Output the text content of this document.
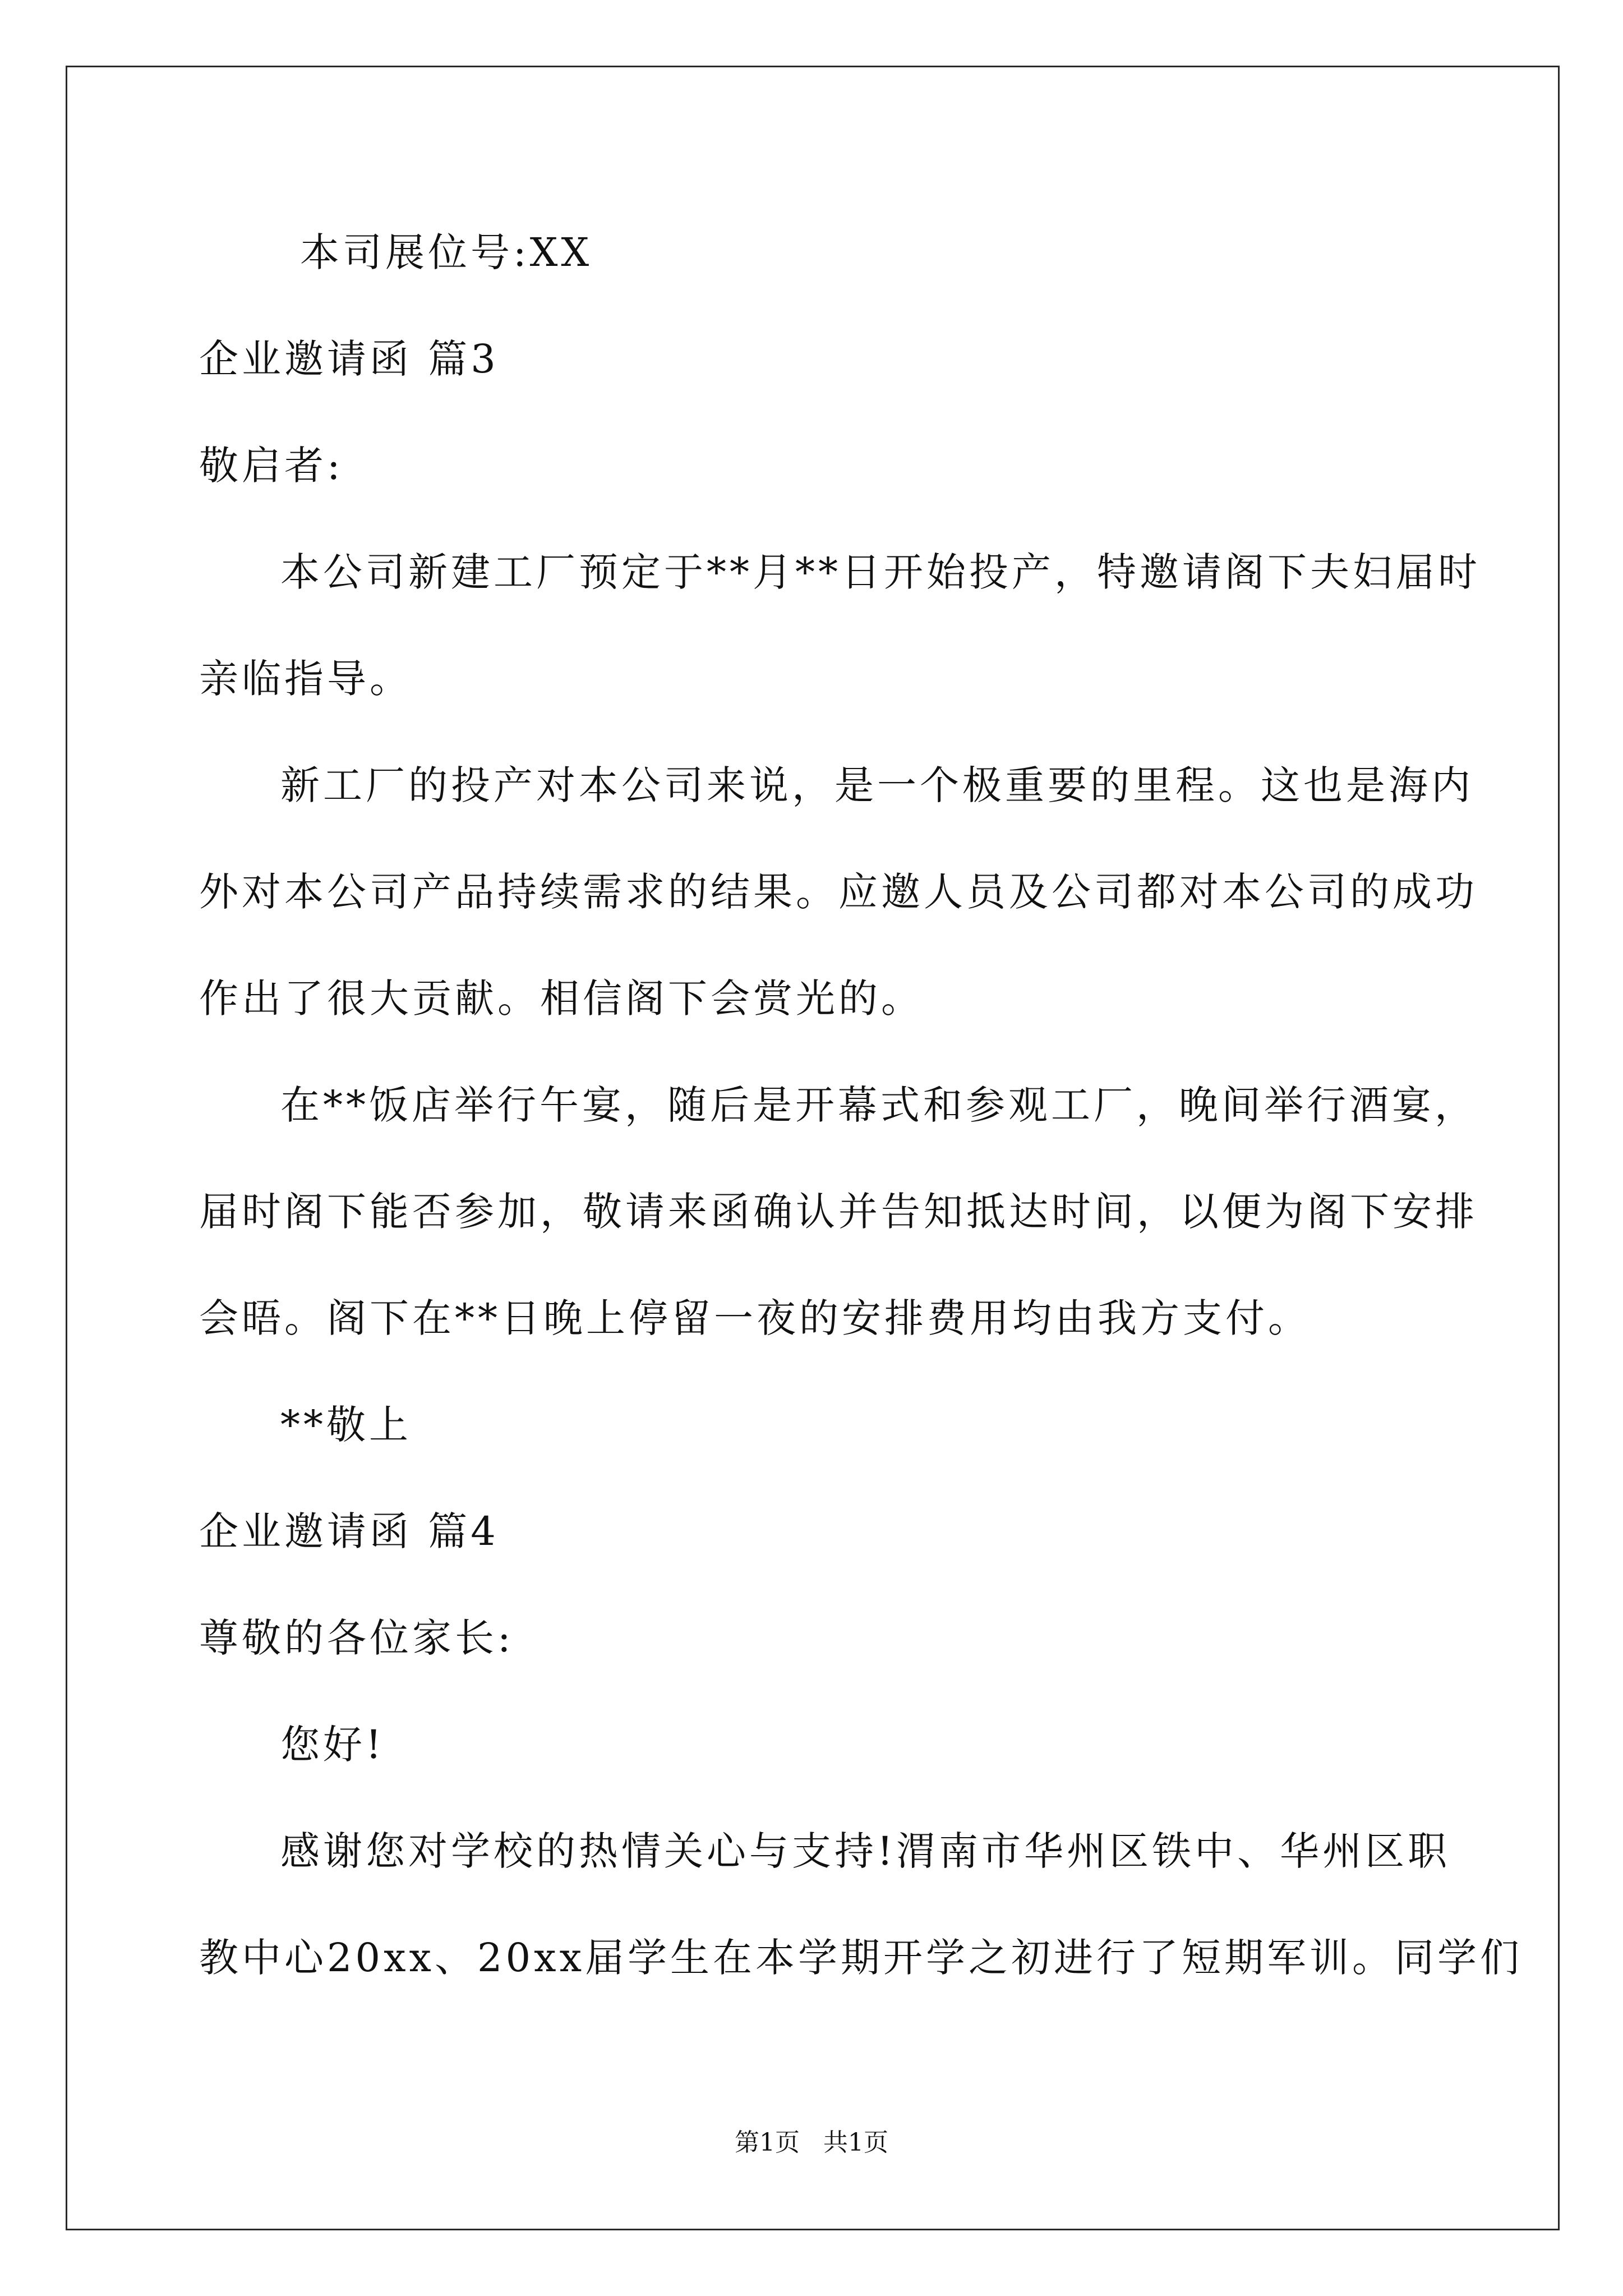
本司展位号:XX
企业邀请函 篇3
敬启者:
本公司新建工厂预定于**月**日开始投产，特邀请阁下夫妇届时
亲临指导。
新工厂的投产对本公司来说，是一个极重要的里程。这也是海内
外对本公司产品持续需求的结果。应邀人员及公司都对本公司的成功
作出了很大贡献。相信阁下会赏光的。
在**饭店举行午宴，随后是开幕式和参观工厂，晚间举行酒宴，
届时阁下能否参加，敬请来函确认并告知抵达时间，以便为阁下安排
会晤。阁下在**日晚上停留一夜的安排费用均由我方支付。
**敬上
企业邀请函 篇4
尊敬的各位家长:
您好!
感谢您对学校的热情关心与支持!渭南市华州区铁中、华州区职
教中心20xx、20xx届学生在本学期开学之初进行了短期军训。同学们
第1页   共1页
